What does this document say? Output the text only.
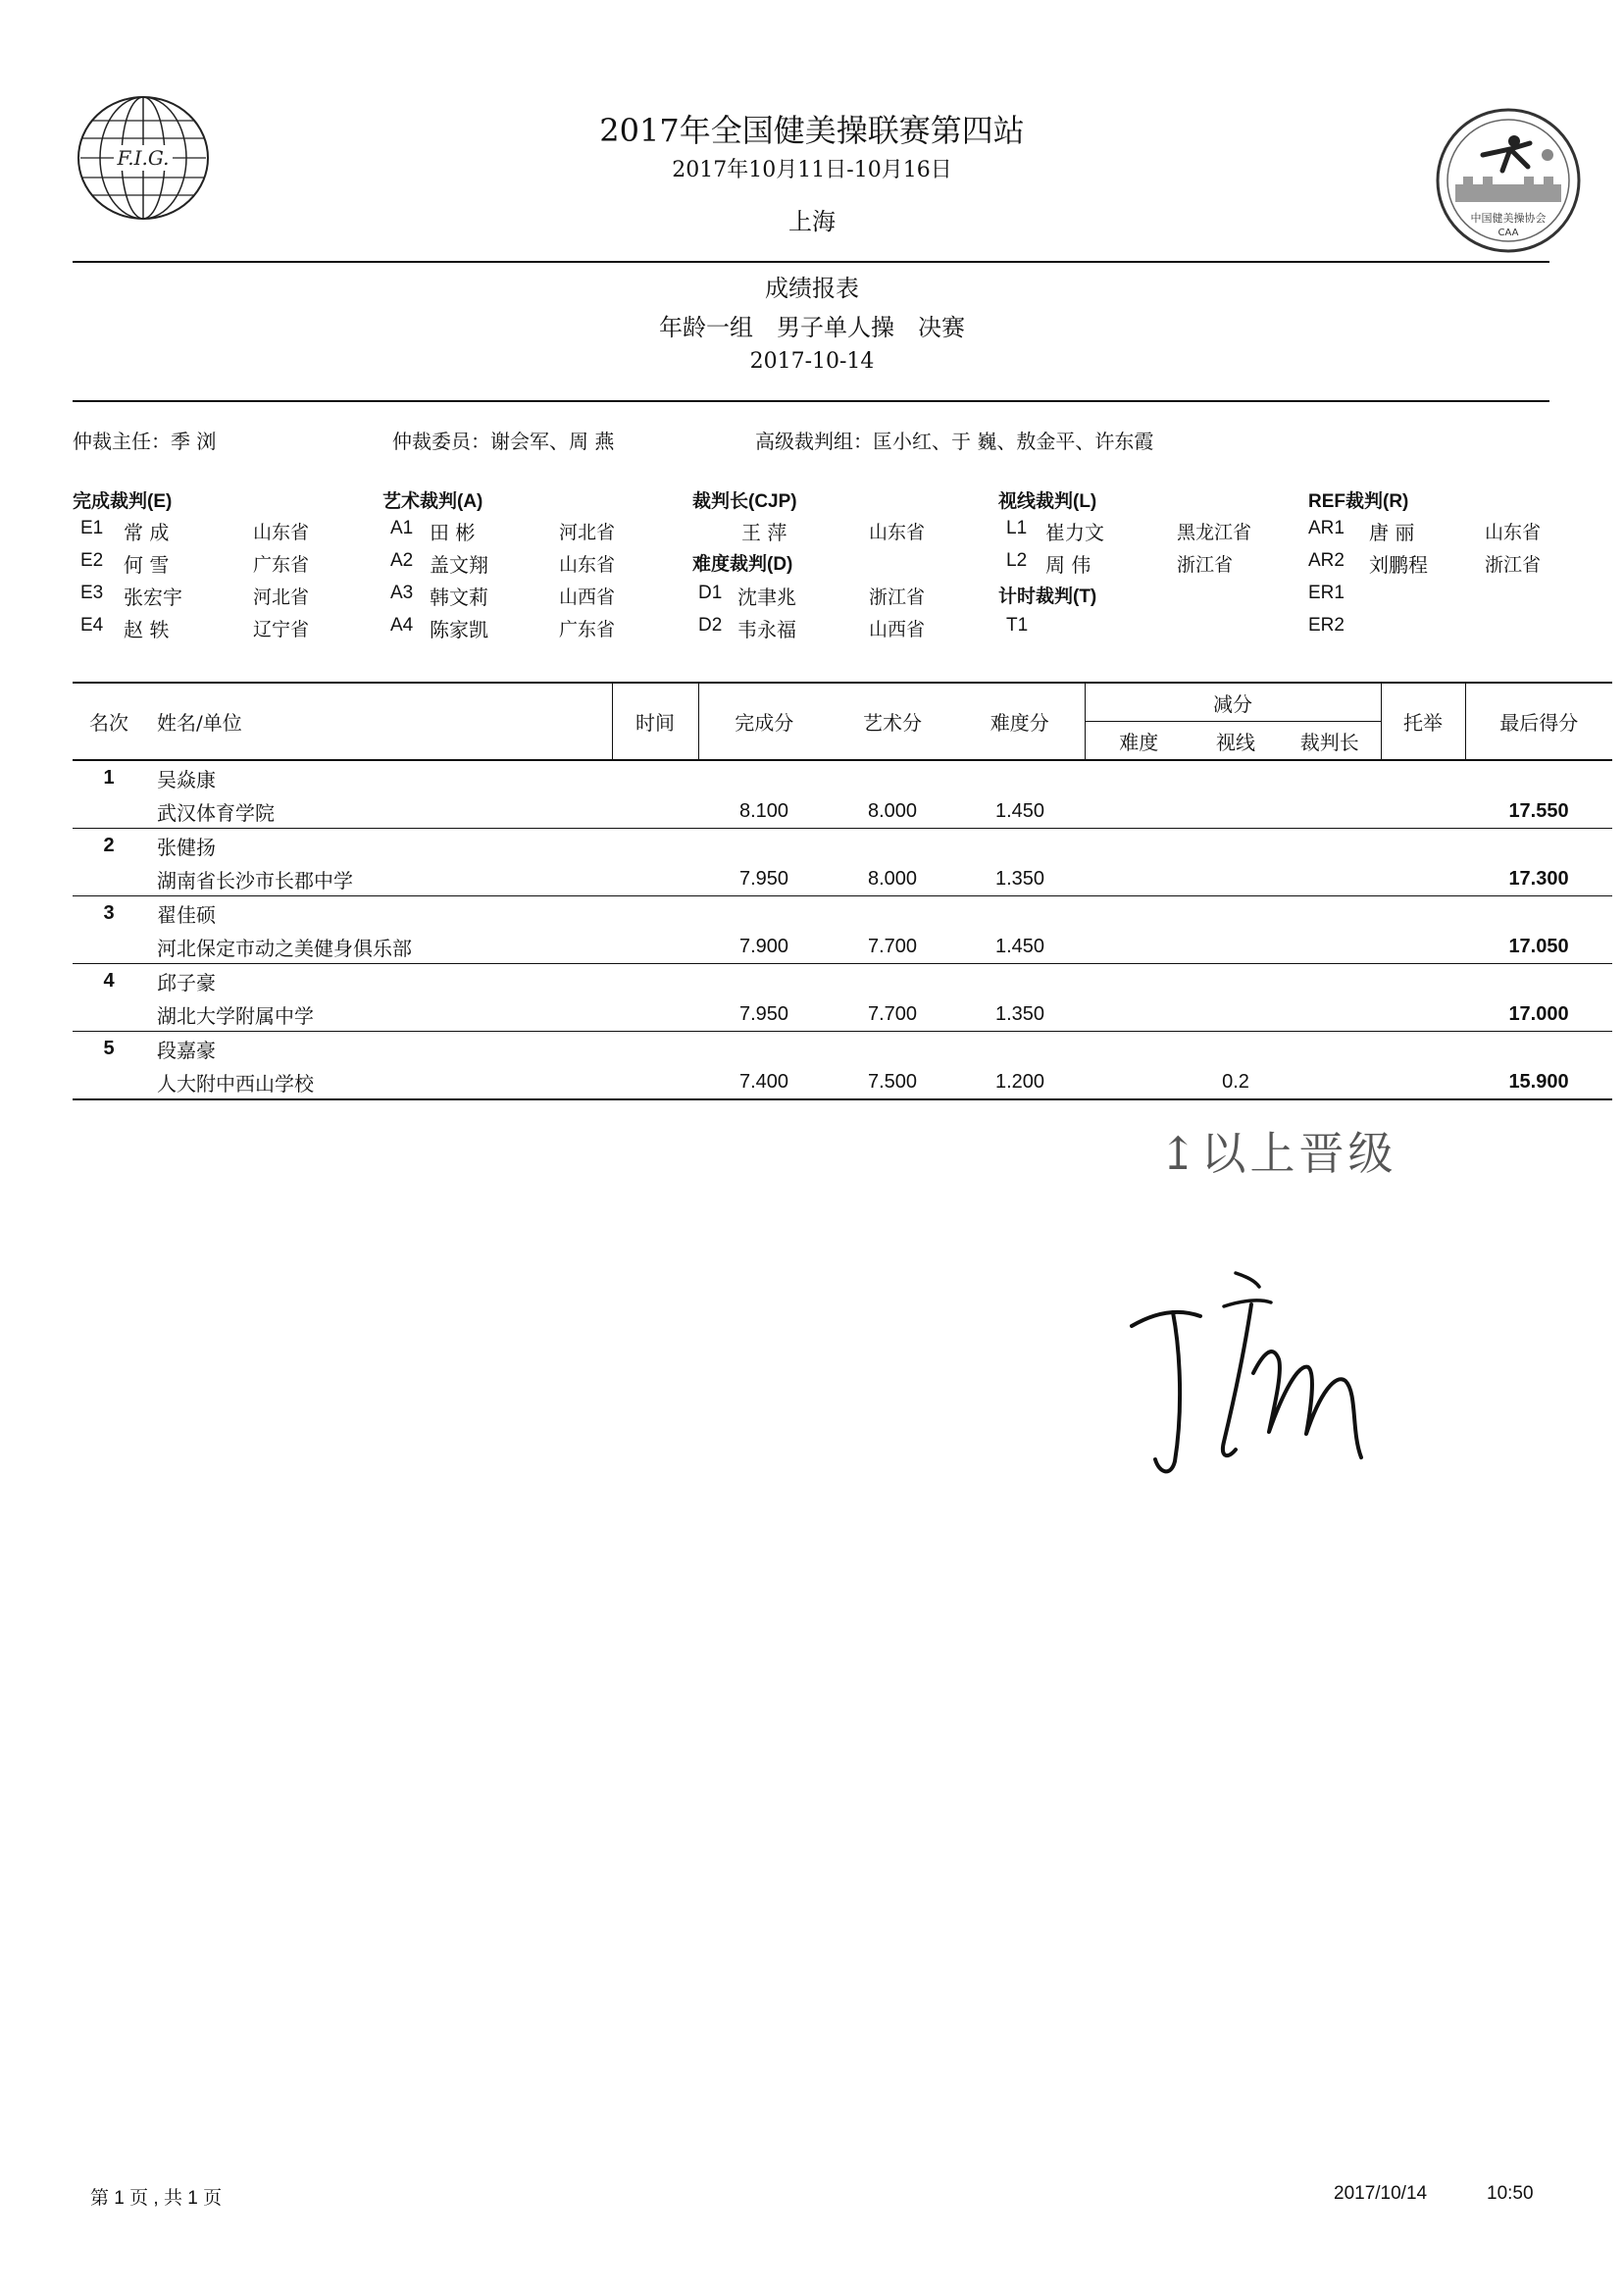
F.I.G.
中国健美操协会
CAA
2017年全国健美操联赛第四站
2017年10月11日-10月16日
上海
成绩报表
年龄一组　男子单人操　决赛
2017-10-14
仲裁主任：季 浏	仲裁委员：谢会军、周 燕	高级裁判组：匡小红、于 巍、敖金平、许东霞
完成裁判(E)	艺术裁判(A)	裁判长(CJP)	视线裁判(L)	REF裁判(R)
E1 常 成	山东省
E2 何 雪	广东省
E3 张宏宇	河北省
E4 赵 轶	辽宁省
A1 田 彬	河北省
A2 盖文翔	山东省
A3 韩文莉	山西省
A4 陈家凯	广东省
王 萍	山东省
难度裁判(D)
D1 沈聿兆	浙江省
D2 韦永福	山西省
L1 崔力文	黑龙江省
L2 周 伟	浙江省
计时裁判(T)
T1
AR1 唐 丽	山东省
AR2 刘鹏程	浙江省
ER1
ER2
名次	姓名/单位	时间	完成分	艺术分	难度分	减分			托举	最后得分
						难度	视线	裁判长		
1	吴焱康									
	武汉体育学院		8.100	8.000	1.450					17.550
2	张健扬									
	湖南省长沙市长郡中学		7.950	8.000	1.350					17.300
3	翟佳硕									
	河北保定市动之美健身俱乐部		7.900	7.700	1.450					17.050
4	邱子豪									
	湖北大学附属中学		7.950	7.700	1.350					17.000
5	段嘉豪									
	人大附中西山学校		7.400	7.500	1.200		0.2			15.900
↥以上晋级
第 1 页 , 共 1 页	2017/10/14	10:50
